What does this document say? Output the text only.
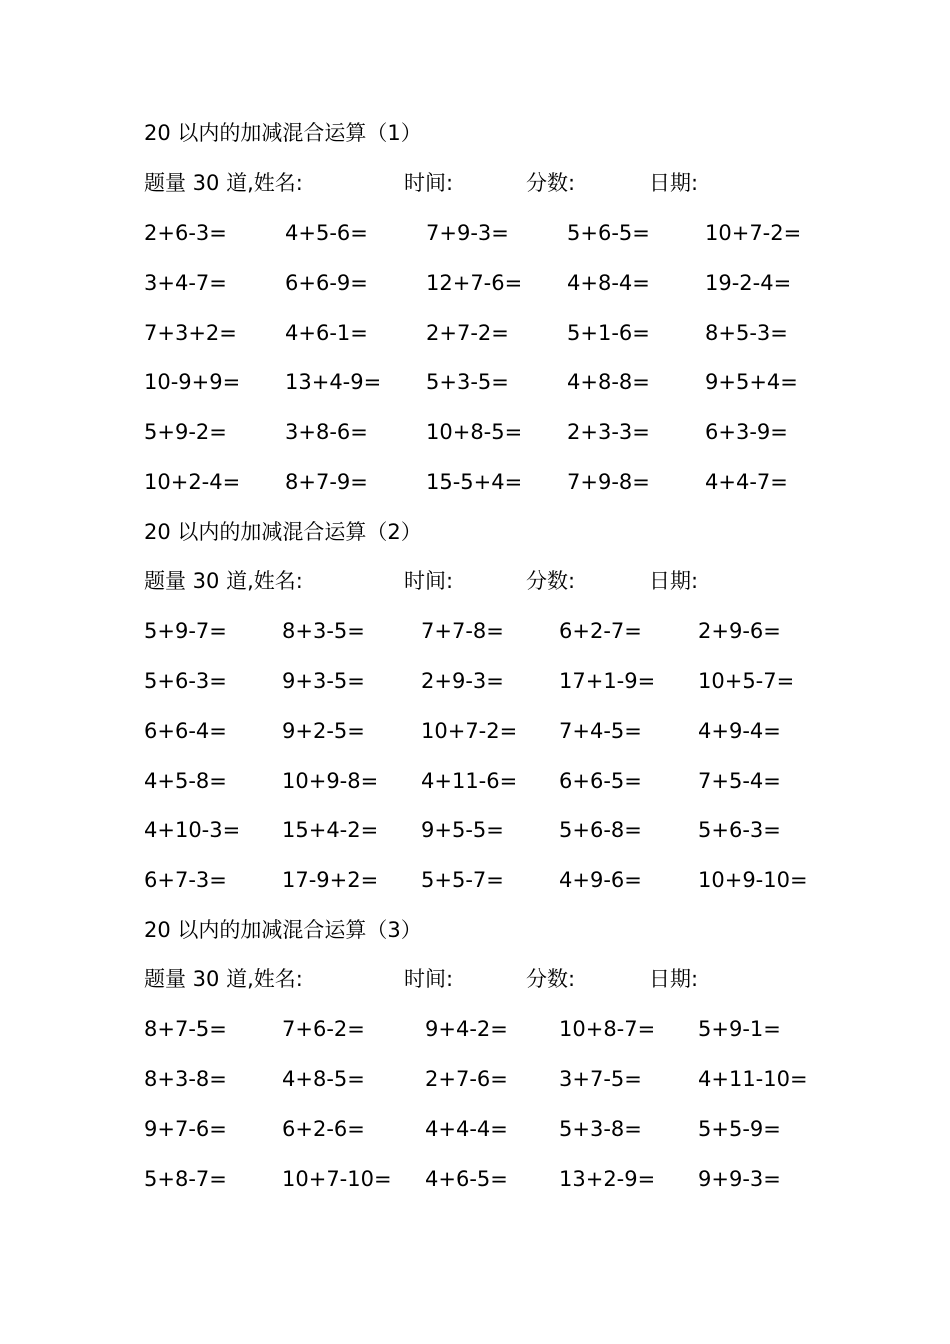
20 以内的加减混合运算（1）
题量 30 道,姓名:	时间:	分数:	日期:
2+6-3=	4+5-6=	7+9-3=	5+6-5=	10+7-2=
3+4-7=	6+6-9=	12+7-6= 4+8-4=	19-2-4=
7+3+2= 4+6-1=	2+7-2=	5+1-6=	8+5-3=
10-9+9= 13+4-9= 5+3-5=	4+8-8=	9+5+4=
5+9-2=	3+8-6=	10+8-5= 2+3-3=	6+3-9=
10+2-4= 8+7-9=	15-5+4= 7+9-8=	4+4-7=
20 以内的加减混合运算（2）
题量 30 道,姓名:	时间:	分数:	日期:
5+9-7=	8+3-5=	7+7-8=	6+2-7=	2+9-6=
5+6-3=	9+3-5=	2+9-3=	17+1-9= 10+5-7=
6+6-4=	9+2-5=	10+7-2= 7+4-5=	4+9-4=
4+5-8=	10+9-8= 4+11-6= 6+6-5=	7+5-4=
4+10-3= 15+4-2= 9+5-5=	5+6-8=	5+6-3=
6+7-3=	17-9+2= 5+5-7=	4+9-6=	10+9-10=
20 以内的加减混合运算（3）
题量 30 道,姓名:	时间:	分数:	日期:
8+7-5=	7+6-2=	9+4-2= 10+8-7= 5+9-1=
8+3-8=	4+8-5=	2+7-6= 3+7-5=	4+11-10=
9+7-6=	6+2-6=	4+4-4= 5+3-8=	5+5-9=
5+8-7=	10+7-10= 4+6-5= 13+2-9= 9+9-3=
